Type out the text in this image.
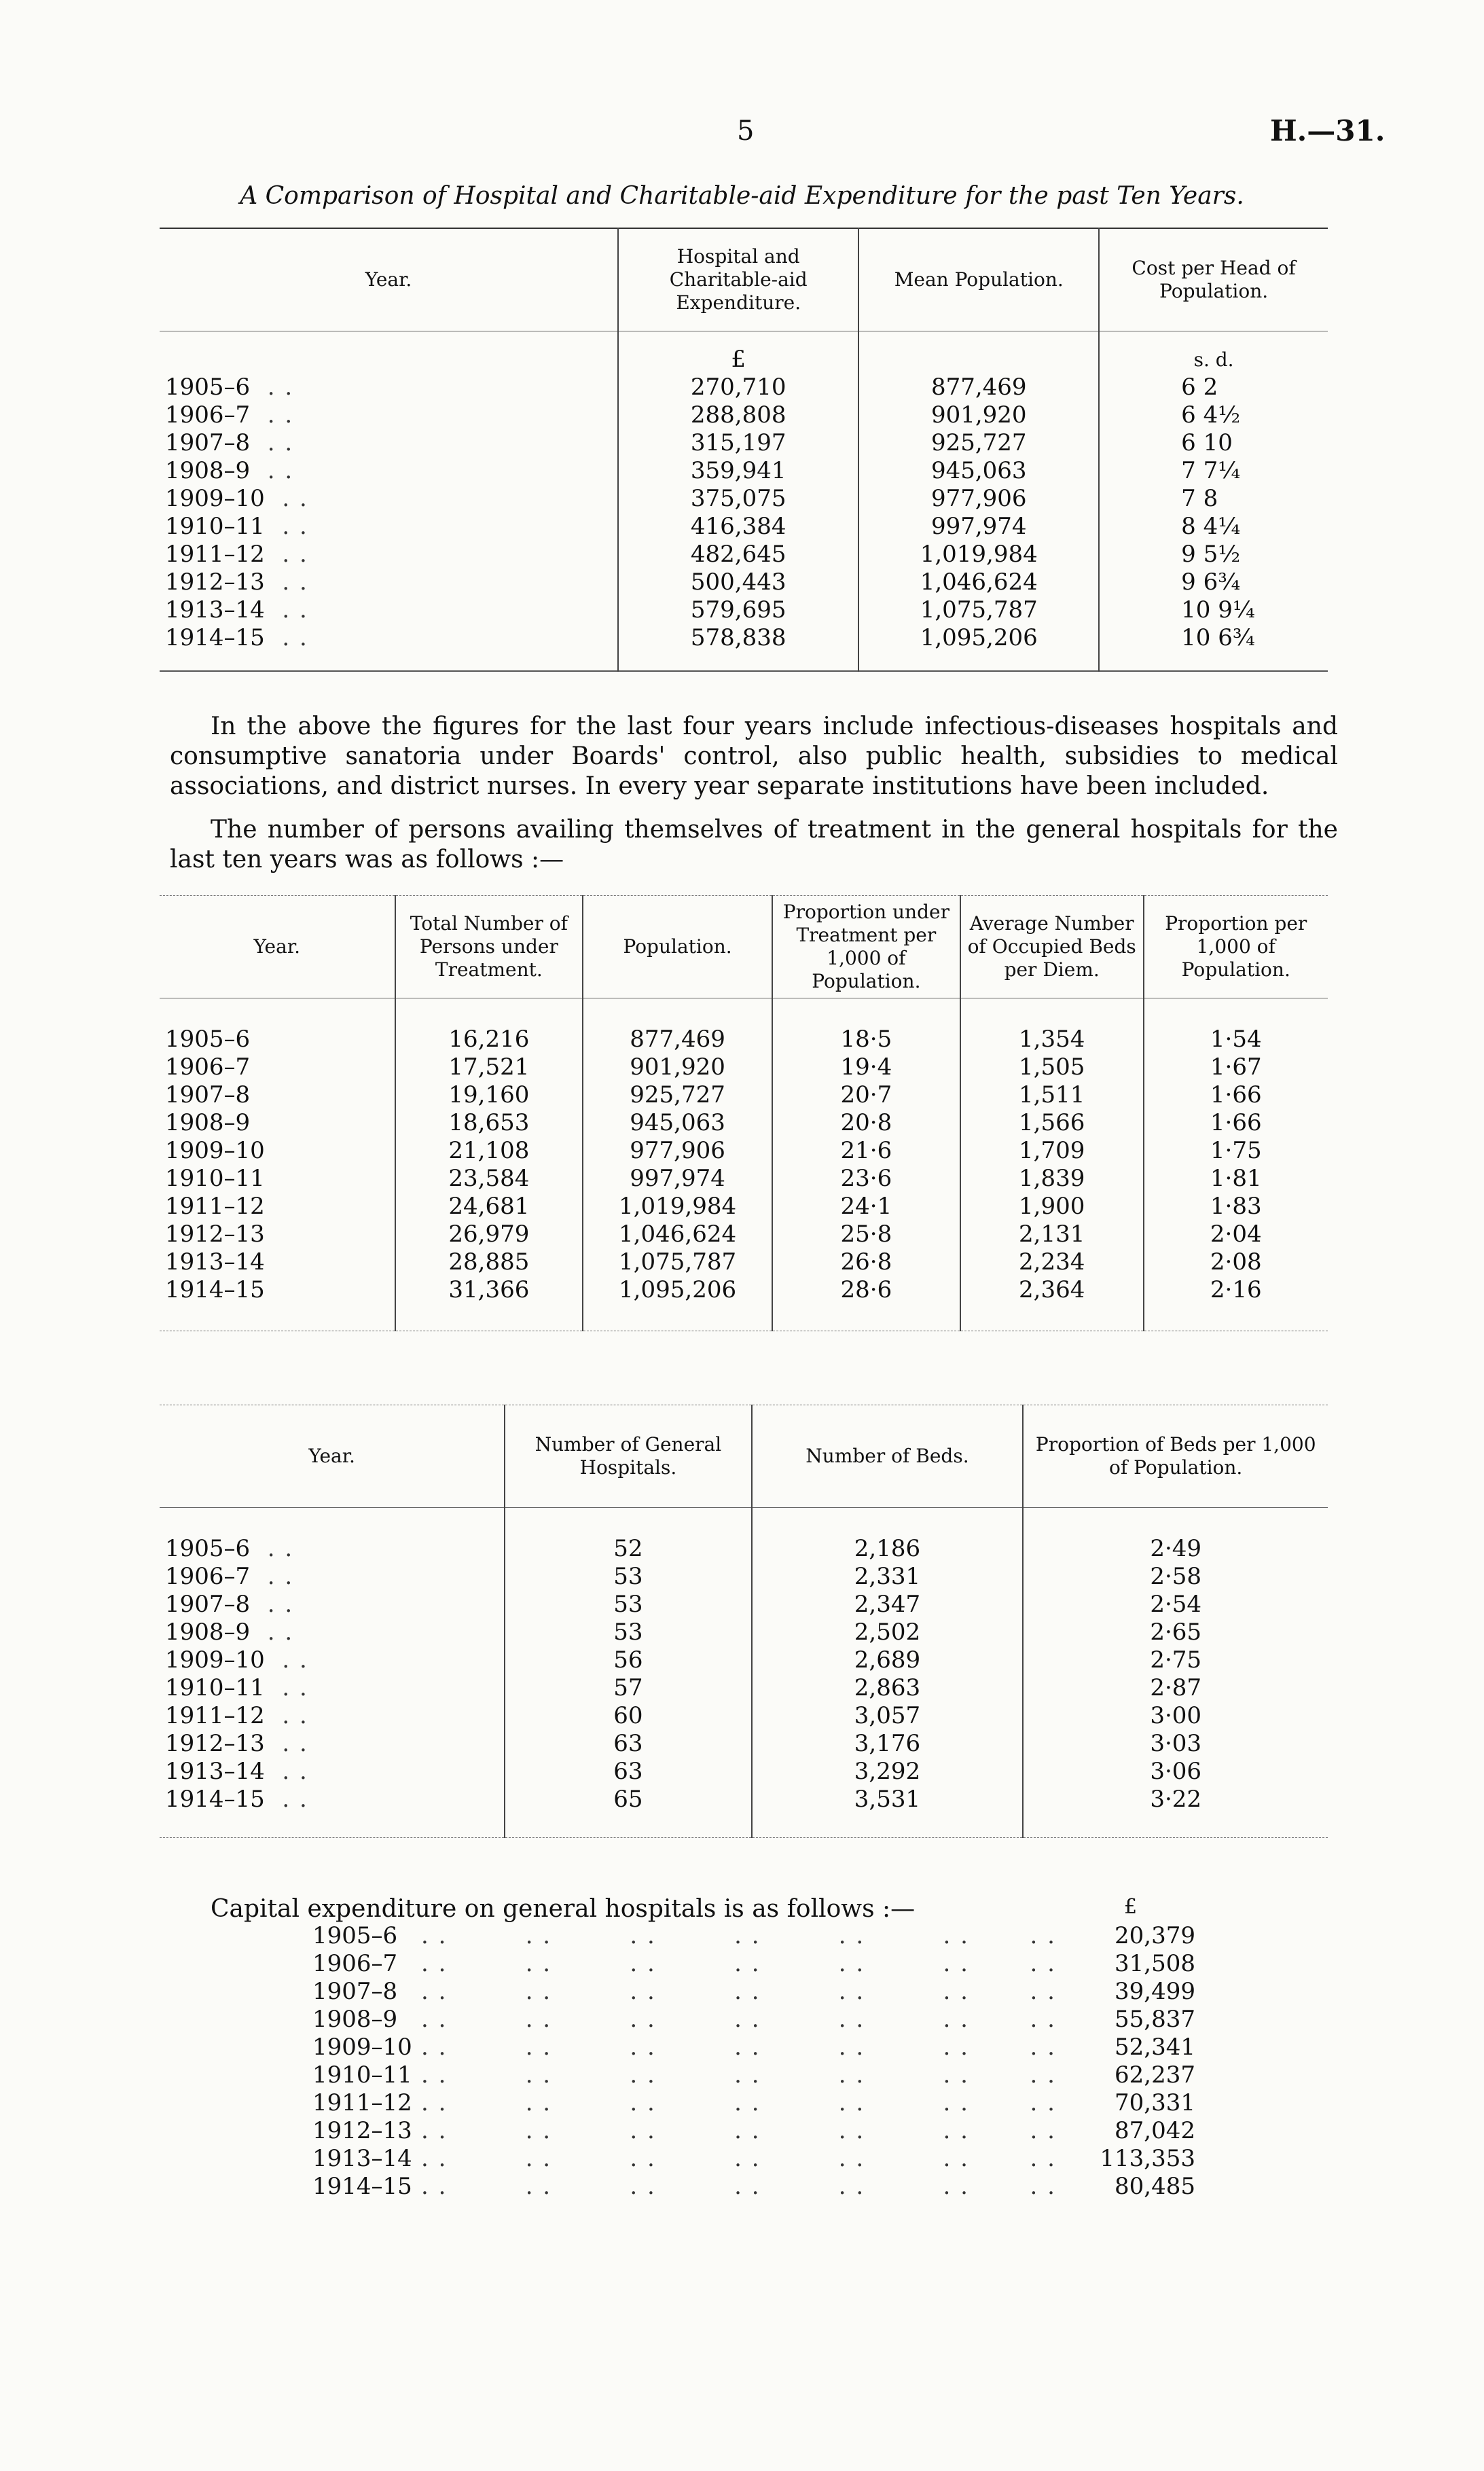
5	H.—31.
A Comparison of Hospital and Charitable-aid Expenditure for the past Ten Years.
Year.	Hospital and Charitable-aid Expenditure.	Mean Population.	Cost per Head of Population.
	£		s. d.
1905–6  . .	270,710	877,469	6 2
1906–7  . .	288,808	901,920	6 4½
1907–8  . .	315,197	925,727	6 10
1908–9  . .	359,941	945,063	7 7¼
1909–10  . .	375,075	977,906	7 8
1910–11  . .	416,384	997,974	8 4¼
1911–12  . .	482,645	1,019,984	9 5½
1912–13  . .	500,443	1,046,624	9 6¾
1913–14  . .	579,695	1,075,787	10 9¼
1914–15  . .	578,838	1,095,206	10 6¾

In the above the figures for the last four years include infectious-diseases hospitals and consumptive sanatoria under Boards' control, also public health, subsidies to medical associations, and district nurses. In every year separate institutions have been included.
The number of persons availing themselves of treatment in the general hospitals for the last ten years was as follows :—
Year.	Total Number of Persons under Treatment.	Population.	Proportion under Treatment per 1,000 of Population.	Average Number of Occupied Beds per Diem.	Proportion per 1,000 of Population.

1905–6	16,216	877,469	18·5	1,354	1·54
1906–7	17,521	901,920	19·4	1,505	1·67
1907–8	19,160	925,727	20·7	1,511	1·66
1908–9	18,653	945,063	20·8	1,566	1·66
1909–10	21,108	977,906	21·6	1,709	1·75
1910–11	23,584	997,974	23·6	1,839	1·81
1911–12	24,681	1,019,984	24·1	1,900	1·83
1912–13	26,979	1,046,624	25·8	2,131	2·04
1913–14	28,885	1,075,787	26·8	2,234	2·08
1914–15	31,366	1,095,206	28·6	2,364	2·16

Year.	Number of General Hospitals.	Number of Beds.	Proportion of Beds per 1,000 of Population.

1905–6  . .	52	2,186	2·49
1906–7  . .	53	2,331	2·58
1907–8  . .	53	2,347	2·54
1908–9  . .	53	2,502	2·65
1909–10  . .	56	2,689	2·75
1910–11  . .	57	2,863	2·87
1911–12  . .	60	3,057	3·00
1912–13  . .	63	3,176	3·03
1913–14  . .	63	3,292	3·06
1914–15  . .	65	3,531	3·22

Capital expenditure on general hospitals is as follows :—	£
1905–6 . .         . .         . .         . .         . .         . .       . .	20,379
1906–7 . .         . .         . .         . .         . .         . .       . .	31,508
1907–8 . .         . .         . .         . .         . .         . .       . .	39,499
1908–9 . .         . .         . .         . .         . .         . .       . .	55,837
1909–10 . .         . .         . .         . .         . .         . .       . .	52,341
1910–11 . .         . .         . .         . .         . .         . .       . .	62,237
1911–12 . .         . .         . .         . .         . .         . .       . .	70,331
1912–13 . .         . .         . .         . .         . .         . .       . .	87,042
1913–14 . .         . .         . .         . .         . .         . .       . .	113,353
1914–15 . .         . .         . .         . .         . .         . .       . .	80,485
